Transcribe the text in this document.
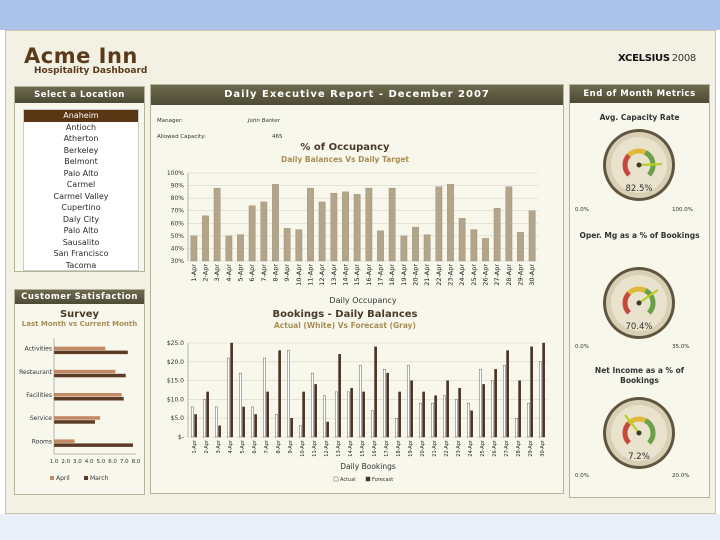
Acme Inn
Hospitality Dashboard
XCELSIUS 2008
Select a Location
Anaheim
Antioch
Atherton
Berkeley
Belmont
Palo Alto
Carmel
Carmel Valley
Cupertino
Daly City
Palo Alto
Sausalito
San Francisco
Tacoma
Daily Executive Report - December 2007
Manager:	John Barker
Allowed Capacity:	465
% of Occupancy
Daily Balances Vs Daily Target
100%
90%
80%
70%
60%
50%
40%
30%
1-Apr 2-Apr 3-Apr 4-Apr 5-Apr 6-Apr 7-Apr 8-Apr 9-Apr 10-Apr 11-Apr 12-Apr 13-Apr 14-Apr 15-Apr 16-Apr 17-Apr 18-Apr 19-Apr 20-Apr 21-Apr 22-Apr 23-Apr 24-Apr 25-Apr 26-Apr 27-Apr 28-Apr 29-Apr 30-Apr
Daily Occupancy
Bookings - Daily Balances
Actual (White) Vs Forecast (Gray)
$25.0
$20.0
$15.0
$10.0
$5.0
$-
1-Apr 2-Apr 3-Apr 4-Apr 5-Apr 6-Apr 7-Apr 8-Apr 9-Apr 10-Apr 11-Apr 12-Apr 13-Apr 14-Apr 15-Apr 16-Apr 17-Apr 18-Apr 19-Apr 20-Apr 21-Apr 22-Apr 23-Apr 24-Apr 25-Apr 26-Apr 27-Apr 28-Apr 29-Apr 30-Apr
Daily Bookings
Actual	Forecast
End of Month Metrics
Avg. Capacity Rate
82.5%
0.0%	100.0%
Oper. Mg as a % of Bookings
70.4%
0.0%	35.0%
Net Income as a % of Bookings
7.2%
0.0%	20.0%
Customer Satisfaction
Survey
Last Month vs Current Month
Activities
Restaurant
Facilities
Service
Rooms
1.0 2.0 3.0 4.0 5.0 6.0 7.0 8.0
April	March
